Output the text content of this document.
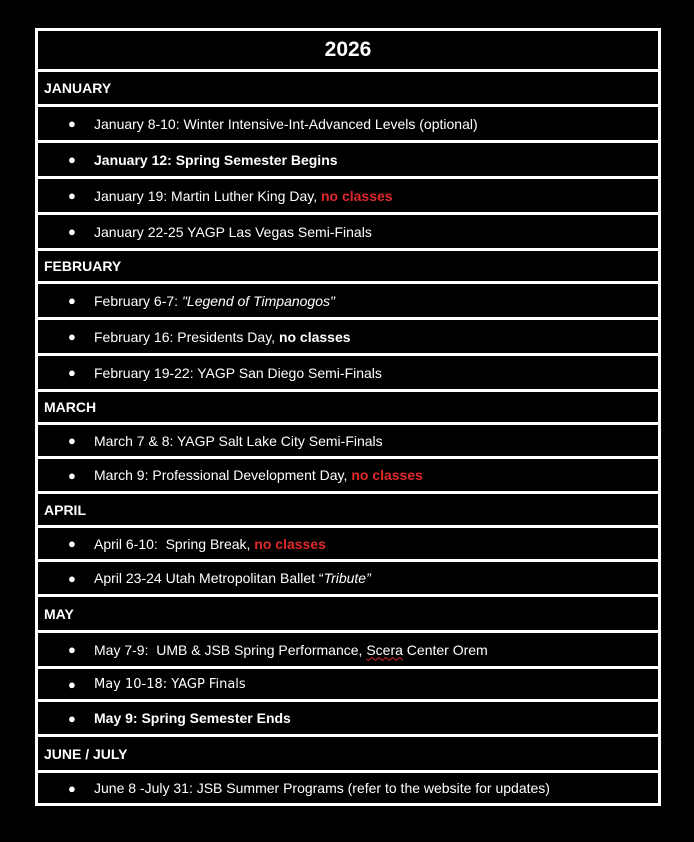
2026
JANUARY
●	January 8-10: Winter Intensive-Int-Advanced Levels (optional)
●	January 12: Spring Semester Begins
●	January 19: Martin Luther King Day, no classes
●	January 22-25 YAGP Las Vegas Semi-Finals
FEBRUARY
●	February 6-7: "Legend of Timpanogos"
●	February 16: Presidents Day, no classes
●	February 19-22: YAGP San Diego Semi-Finals
MARCH
●	March 7 & 8: YAGP Salt Lake City Semi-Finals
●	March 9: Professional Development Day, no classes
APRIL
●	April 6-10:  Spring Break, no classes
●	April 23-24 Utah Metropolitan Ballet “ Tribute”
MAY
●	May 7-9:  UMB & JSB Spring Performance, Scera Center Orem
●	May 10-18: YAGP Finals
●	May 9: Spring Semester Ends
JUNE / JULY
●	June 8 -July 31: JSB Summer Programs (refer to the website for updates)
